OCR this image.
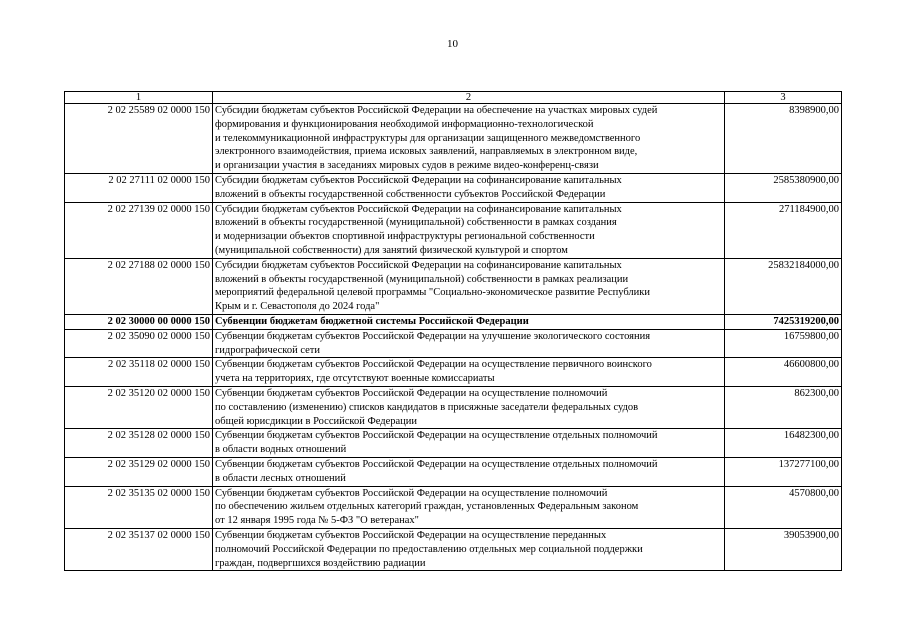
10
1	2	3
2 02 25589 02 0000 150	Субсидии бюджетам субъектов Российской Федерации на обеспечение на участках мировых судей
формирования и функционирования необходимой информационно-технологической
и телекоммуникационной инфраструктуры для организации защищенного межведомственного
электронного взаимодействия, приема исковых заявлений, направляемых в электронном виде,
и организации участия в заседаниях мировых судов в режиме видео-конференц-связи	8398900,00
2 02 27111 02 0000 150	Субсидии бюджетам субъектов Российской Федерации на софинансирование капитальных
вложений в объекты государственной собственности субъектов Российской Федерации	2585380900,00
2 02 27139 02 0000 150	Субсидии бюджетам субъектов Российской Федерации на софинансирование капитальных
вложений в объекты государственной (муниципальной) собственности в рамках создания
и модернизации объектов спортивной инфраструктуры региональной собственности
(муниципальной собственности) для занятий физической культурой и спортом	271184900,00
2 02 27188 02 0000 150	Субсидии бюджетам субъектов Российской Федерации на софинансирование капитальных
вложений в объекты государственной (муниципальной) собственности в рамках реализации
мероприятий федеральной целевой программы "Социально-экономическое развитие Республики
Крым и г. Севастополя до 2024 года"	25832184000,00
2 02 30000 00 0000 150	Субвенции бюджетам бюджетной системы Российской Федерации	7425319200,00
2 02 35090 02 0000 150	Субвенции бюджетам субъектов Российской Федерации на улучшение экологического состояния
гидрографической сети	16759800,00
2 02 35118 02 0000 150	Субвенции бюджетам субъектов Российской Федерации на осуществление первичного воинского
учета на территориях, где отсутствуют военные комиссариаты	46600800,00
2 02 35120 02 0000 150	Субвенции бюджетам субъектов Российской Федерации на осуществление полномочий
по составлению (изменению) списков кандидатов в присяжные заседатели федеральных судов
общей юрисдикции в Российской Федерации	862300,00
2 02 35128 02 0000 150	Субвенции бюджетам субъектов Российской Федерации на осуществление отдельных полномочий
в области водных отношений	16482300,00
2 02 35129 02 0000 150	Субвенции бюджетам субъектов Российской Федерации на осуществление отдельных полномочий
в области лесных отношений	137277100,00
2 02 35135 02 0000 150	Субвенции бюджетам субъектов Российской Федерации на осуществление полномочий
по обеспечению жильем отдельных категорий граждан, установленных Федеральным законом
от 12 января 1995 года № 5-ФЗ "О ветеранах"	4570800,00
2 02 35137 02 0000 150	Субвенции бюджетам субъектов Российской Федерации на осуществление переданных
полномочий Российской Федерации по предоставлению отдельных мер социальной поддержки
граждан, подвергшихся воздействию радиации	39053900,00
